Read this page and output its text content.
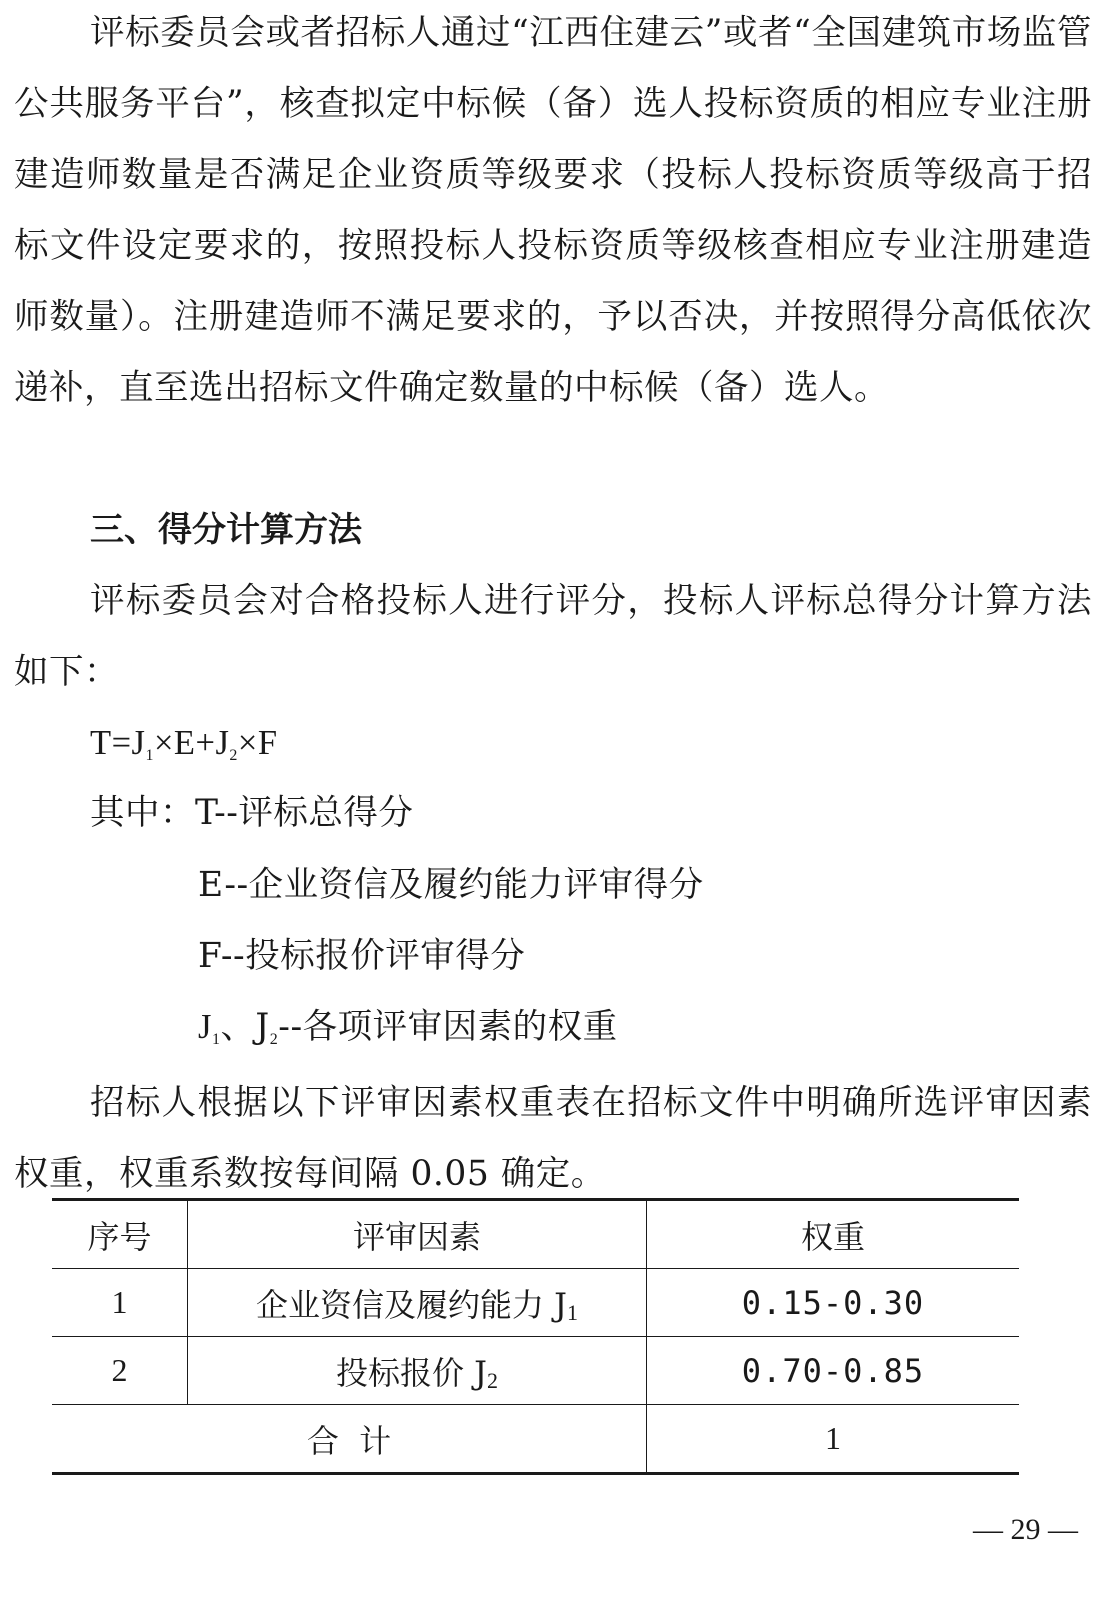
评标委员会或者招标人通过“江西住建云”或者“全国建筑市场监管公共服务平台”，核查拟定中标候（备）选人投标资质的相应专业注册建造师数量是否满足企业资质等级要求（投标人投标资质等级高于招标文件设定要求的，按照投标人投标资质等级核查相应专业注册建造师数量）。注册建造师不满足要求的，予以否决，并按照得分高低依次递补，直至选出招标文件确定数量的中标候（备）选人。

三、得分计算方法

评标委员会对合格投标人进行评分，投标人评标总得分计算方法如下：

$T=J_1\times E+J_2\times F$
其中：T--评标总得分
E--企业资信及履约能力评审得分
F--投标报价评审得分
$J_1$、$J_2--$各项评审因素的权重

招标人根据以下评审因素权重表在招标文件中明确所选评审因素权重，权重系数按每间隔 0.05 确定。

序号	评审因素	权重
1	企业资信及履约能力 J1	0.15-0.30
2	投标报价 J2	0.70-0.85
合  计		1
— 29 —
